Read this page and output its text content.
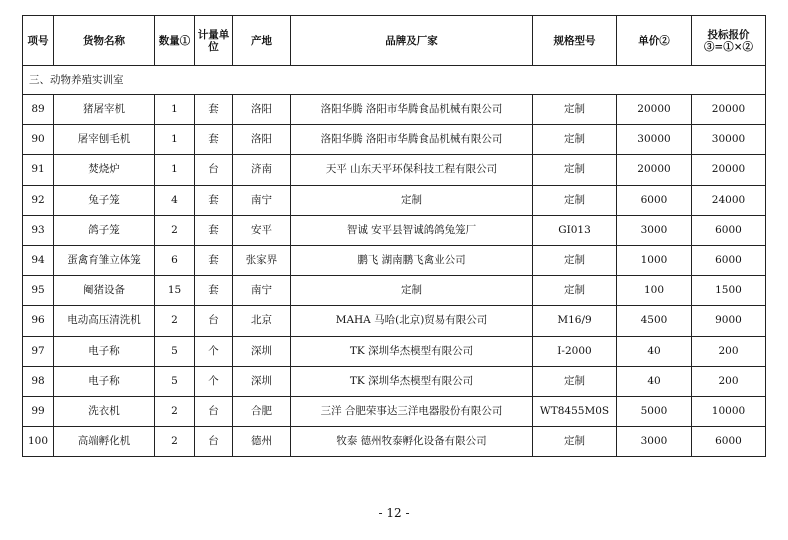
项号	货物名称	数量①	计量单位	产地	品牌及厂家	规格型号	单价②	投标报价③=①×②
三、动物养殖实训室								
89	猪屠宰机	1	套	洛阳	洛阳华腾 洛阳市华腾食品机械有限公司	定制	20000	20000
90	屠宰刨毛机	1	套	洛阳	洛阳华腾 洛阳市华腾食品机械有限公司	定制	30000	30000
91	焚烧炉	1	台	济南	天平 山东天平环保科技工程有限公司	定制	20000	20000
92	兔子笼	4	套	南宁	定制	定制	6000	24000
93	鸽子笼	2	套	安平	智诚 安平县智诚鸽鸽兔笼厂	GI013	3000	6000
94	蛋禽育雏立体笼	6	套	张家界	鹏飞 湖南鹏飞禽业公司	定制	1000	6000
95	阉猪设备	15	套	南宁	定制	定制	100	1500
96	电动高压清洗机	2	台	北京	MAHA 马哈(北京)贸易有限公司	M16/9	4500	9000
97	电子称	5	个	深圳	TK 深圳华杰模型有限公司	I-2000	40	200
98	电子称	5	个	深圳	TK 深圳华杰模型有限公司	定制	40	200
99	洗衣机	2	台	合肥	三洋 合肥荣事达三洋电器股份有限公司	WT8455M0S	5000	10000
100	高端孵化机	2	台	德州	牧泰 德州牧泰孵化设备有限公司	定制	3000	6000
- 12 -
